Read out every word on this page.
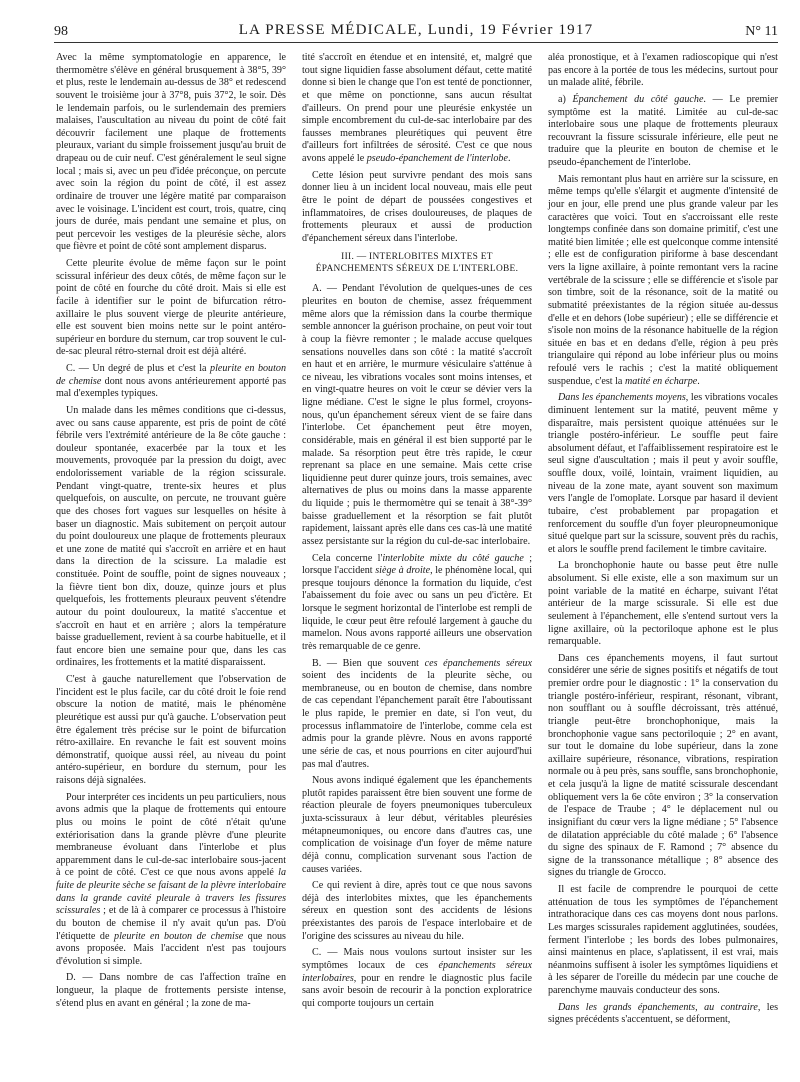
98	LA PRESSE MÉDICALE, Lundi, 19 Février 1917	N° 11

Avec la même symptomatologie en apparence, le thermomètre s'élève en général brusquement à 38°5, 39° et plus, reste le lendemain au-dessus de 38° et redescend souvent le troisième jour à 37°8, puis 37°2, le soir. Dès le lendemain parfois, ou le surlendemain des premiers malaises, l'auscultation au niveau du point de côté fait découvrir facilement une plaque de frottements pleuraux, variant du simple froissement jusqu'au bruit de drapeau ou de cuir neuf. C'est généralement le seul signe local ; mais si, avec un peu d'idée préconçue, on percute avec soin la région du point de côté, il est assez ordinaire de trouver une légère matité par comparaison avec le voisinage. L'incident est court, trois, quatre, cinq jours de durée, mais pendant une semaine et plus, on peut percevoir les vestiges de la pleurésie sèche, alors que fièvre et point de côté sont amplement disparus.

Cette pleurite évolue de même façon sur le point scissural inférieur des deux côtés, de même façon sur le point de côté en fourche du côté droit. Mais si elle est facile à identifier sur le point de bifurcation rétro-axillaire le plus souvent vierge de pleurite antérieure, elle est souvent bien moins nette sur le point antéro-supérieur en bordure du sternum, car trop souvent le cul-de-sac pleural rétro-sternal droit est déjà altéré.

C. — Un degré de plus et c'est la pleurite en bouton de chemise dont nous avons antérieurement apporté pas mal d'exemples typiques.

Un malade dans les mêmes conditions que ci-dessus, avec ou sans cause apparente, est pris de point de côté fébrile vers l'extrémité antérieure de la 8e côte gauche : douleur spontanée, exacerbée par la toux et les mouvements, provoquée par la pression du doigt, avec endolorissement variable de la région scissurale. Pendant vingt-quatre, trente-six heures et plus quelquefois, on ausculte, on percute, ne trouvant guère que des choses fort vagues sur lesquelles on hésite à baser un diagnostic. Mais subitement on perçoit autour du point douloureux une plaque de frottements pleuraux et une zone de matité qui s'accroît en arrière et en haut dans la direction de la scissure. La maladie est constituée. Point de souffle, point de signes nouveaux ; la fièvre tient bon dix, douze, quinze jours et plus quelquefois, les frottements pleuraux peuvent s'étendre autour du point douloureux, la matité s'accentue et s'accroît en haut et en arrière ; alors la température baisse graduellement, revient à sa courbe habituelle, et il faut encore bien une semaine pour que, dans les cas ordinaires, les frottements et la matité disparaissent.

C'est à gauche naturellement que l'observation de l'incident est le plus facile, car du côté droit le foie rend obscure la notion de matité, mais le phénomène pleurétique est aussi pur qu'à gauche. L'observation peut être également très précise sur le point de bifurcation rétro-axillaire. En revanche le fait est souvent moins démonstratif, quoique aussi réel, au niveau du point antéro-supérieur, en bordure du sternum, pour les raisons déjà signalées.

Pour interpréter ces incidents un peu particuliers, nous avons admis que la plaque de frottements qui entoure plus ou moins le point de côté n'était qu'une extériorisation dans la grande plèvre d'une pleurite membraneuse évoluant dans l'interlobe et plus apparemment dans le cul-de-sac interlobaire sous-jacent à ce point de côté. C'est ce que nous avons appelé la fuite de pleurite sèche se faisant de la plèvre interlobaire dans la grande cavité pleurale à travers les fissures scissurales ; et de là à comparer ce processus à l'histoire du bouton de chemise il n'y avait qu'un pas. D'où l'étiquette de pleurite en bouton de chemise que nous avons proposée. Mais l'accident n'est pas toujours d'évolution si simple.

D. — Dans nombre de cas l'affection traîne en longueur, la plaque de frottements persiste intense, s'étend plus en avant en général ; la zone de ma-

tité s'accroît en étendue et en intensité, et, malgré que tout signe liquidien fasse absolument défaut, cette matité donne si bien le change que l'on est tenté de ponctionner, et que même on ponctionne, sans aucun résultat d'ailleurs. On prend pour une pleurésie enkystée un simple encombrement du cul-de-sac interlobaire par des fausses membranes pleurétiques qui peuvent être d'ailleurs fort infiltrées de sérosité. C'est ce que nous avons appelé le pseudo-épanchement de l'interlobe.

Cette lésion peut survivre pendant des mois sans donner lieu à un incident local nouveau, mais elle peut être le point de départ de poussées congestives et inflammatoires, de crises douloureuses, de plaques de frottements pleuraux et aussi de production d'épanchement séreux dans l'interlobe.

III. — INTERLOBITES MIXTES ET ÉPANCHEMENTS SÉREUX DE L'INTERLOBE.

A. — Pendant l'évolution de quelques-unes de ces pleurites en bouton de chemise, assez fréquemment même alors que la rémission dans la courbe thermique semble annoncer la guérison prochaine, on peut voir tout à coup la fièvre remonter ; le malade accuse quelques sensations nouvelles dans son côté : la matité s'accroît en haut et en arrière, le murmure vésiculaire s'atténue à ce niveau, les vibrations vocales sont moins intenses, et en vingt-quatre heures on voit le cœur se dévier vers la ligne médiane. C'est le signe le plus formel, croyons-nous, qu'un épanchement séreux vient de se faire dans l'interlobe. Cet épanchement peut être moyen, considérable, mais en général il est bien supporté par le malade. Sa résorption peut être très rapide, le cœur reprenant sa place en une semaine. Mais cette crise liquidienne peut durer quinze jours, trois semaines, avec alternatives de plus ou moins dans la masse apparente du liquide ; puis le thermomètre qui se tenait à 38°-39° baisse graduellement et la résorption se fait plutôt rapidement, laissant après elle dans ces cas-là une matité assez persistante sur la région du cul-de-sac interlobaire.

Cela concerne l'interlobite mixte du côté gauche ; lorsque l'accident siège à droite, le phénomène local, qui presque toujours dénonce la formation du liquide, c'est l'abaissement du foie avec ou sans un peu d'ictère. Et lorsque le segment horizontal de l'interlobe est rempli de liquide, le cœur peut être refoulé largement à gauche du mamelon. Nous avons rapporté ailleurs une observation très remarquable de ce genre.

B. — Bien que souvent ces épanchements séreux soient des incidents de la pleurite sèche, ou membraneuse, ou en bouton de chemise, dans nombre de cas cependant l'épanchement paraît être l'aboutissant le plus rapide, le premier en date, si l'on veut, du processus inflammatoire de l'interlobe, comme cela est admis pour la grande plèvre. Nous en avons rapporté une série de cas, et nous pourrions en citer aujourd'hui pas mal d'autres.

Nous avons indiqué également que les épanchements plutôt rapides paraissent être bien souvent une forme de réaction pleurale de foyers pneumoniques tuberculeux juxta-scissuraux à leur début, véritables pleurésies métapneumoniques, ou encore dans d'autres cas, une complication de voisinage d'un foyer de même nature déjà connu, complication survenant sous l'action de causes variées.

Ce qui revient à dire, après tout ce que nous savons déjà des interlobites mixtes, que les épanchements séreux en question sont des accidents de lésions préexistantes des parois de l'espace interlobaire et de l'origine des scissures au niveau du hile.

C. — Mais nous voulons surtout insister sur les symptômes locaux de ces épanchements séreux interlobaires, pour en rendre le diagnostic plus facile sans avoir besoin de recourir à la ponction exploratrice qui comporte toujours un certain

aléa pronostique, et à l'examen radioscopique qui n'est pas encore à la portée de tous les médecins, surtout pour un malade alité, fébrile.

a) Épanchement du côté gauche. — Le premier symptôme est la matité. Limitée au cul-de-sac interlobaire sous une plaque de frottements pleuraux recouvrant la fissure scissurale inférieure, elle peut ne traduire que la pleurite en bouton de chemise et le pseudo-épanchement de l'interlobe.

Mais remontant plus haut en arrière sur la scissure, en même temps qu'elle s'élargit et augmente d'intensité de jour en jour, elle prend une plus grande valeur par les caractères que voici. Tout en s'accroissant elle reste longtemps confinée dans son domaine primitif, c'est une matité bien limitée ; elle est quelconque comme intensité ; elle est de configuration piriforme à base descendant vers la ligne axillaire, à pointe remontant vers la racine vertébrale de la scissure ; elle se différencie et s'isole par son timbre, soit de la résonance, soit de la matité ou submatité préexistantes de la région située au-dessus d'elle et en dehors (lobe supérieur) ; elle se différencie et s'isole non moins de la résonance habituelle de la région située en bas et en dedans d'elle, région à peu près triangulaire qui répond au lobe inférieur plus ou moins refoulé vers le rachis ; c'est la matité obliquement suspendue, c'est la matité en écharpe.

Dans les épanchements moyens, les vibrations vocales diminuent lentement sur la matité, peuvent même y disparaître, mais persistent quoique atténuées sur le triangle postéro-inférieur. Le souffle peut faire absolument défaut, et l'affaiblissement respiratoire est le seul signe d'auscultation ; mais il peut y avoir souffle, souffle doux, voilé, lointain, vraiment liquidien, au niveau de la zone mate, ayant souvent son maximum vers l'angle de l'omoplate. Lorsque par hasard il devient tubaire, c'est probablement par propagation et renforcement du souffle d'un foyer pleuropneumonique situé quelque part sur la scissure, souvent près du rachis, et alors le souffle prend facilement le timbre cavitaire.

La bronchophonie haute ou basse peut être nulle absolument. Si elle existe, elle a son maximum sur un point variable de la matité en écharpe, suivant l'état antérieur de la marge scissurale. Si elle est due seulement à l'épanchement, elle s'entend surtout vers la ligne axillaire, où la pectoriloque aphone est le plus remarquable.

Dans ces épanchements moyens, il faut surtout considérer une série de signes positifs et négatifs de tout premier ordre pour le diagnostic : 1° la conservation du triangle postéro-inférieur, respirant, résonant, vibrant, non soufflant ou à souffle décroissant, très atténué, triangle peut-être bronchophonique, mais la bronchophonie vague sans pectoriloquie ; 2° en avant, sur tout le domaine du lobe supérieur, dans la zone axillaire supérieure, résonance, vibrations, respiration normale ou à peu près, sans souffle, sans bronchophonie, et cela jusqu'à la ligne de matité scissurale descendant obliquement vers la 6e côte environ ; 3° la conservation de l'espace de Traube ; 4° le déplacement nul ou insignifiant du cœur vers la ligne médiane ; 5° l'absence de dilatation appréciable du côté malade ; 6° l'absence du signe des spinaux de F. Ramond ; 7° absence du signe de la transsonance métallique ; 8° absence des signes du triangle de Grocco.

Il est facile de comprendre le pourquoi de cette atténuation de tous les symptômes de l'épanchement intrathoracique dans ces cas moyens dont nous parlons. Les marges scissurales rapidement agglutinées, soudées, ferment l'interlobe ; les bords des lobes pulmonaires, ainsi maintenus en place, s'aplatissent, il est vrai, mais néanmoins suffisent à isoler les symptômes liquidiens et à les séparer de l'oreille du médecin par une couche de parenchyme mauvais conducteur des sons.

Dans les grands épanchements, au contraire, les signes précédents s'accentuent, se déforment,
